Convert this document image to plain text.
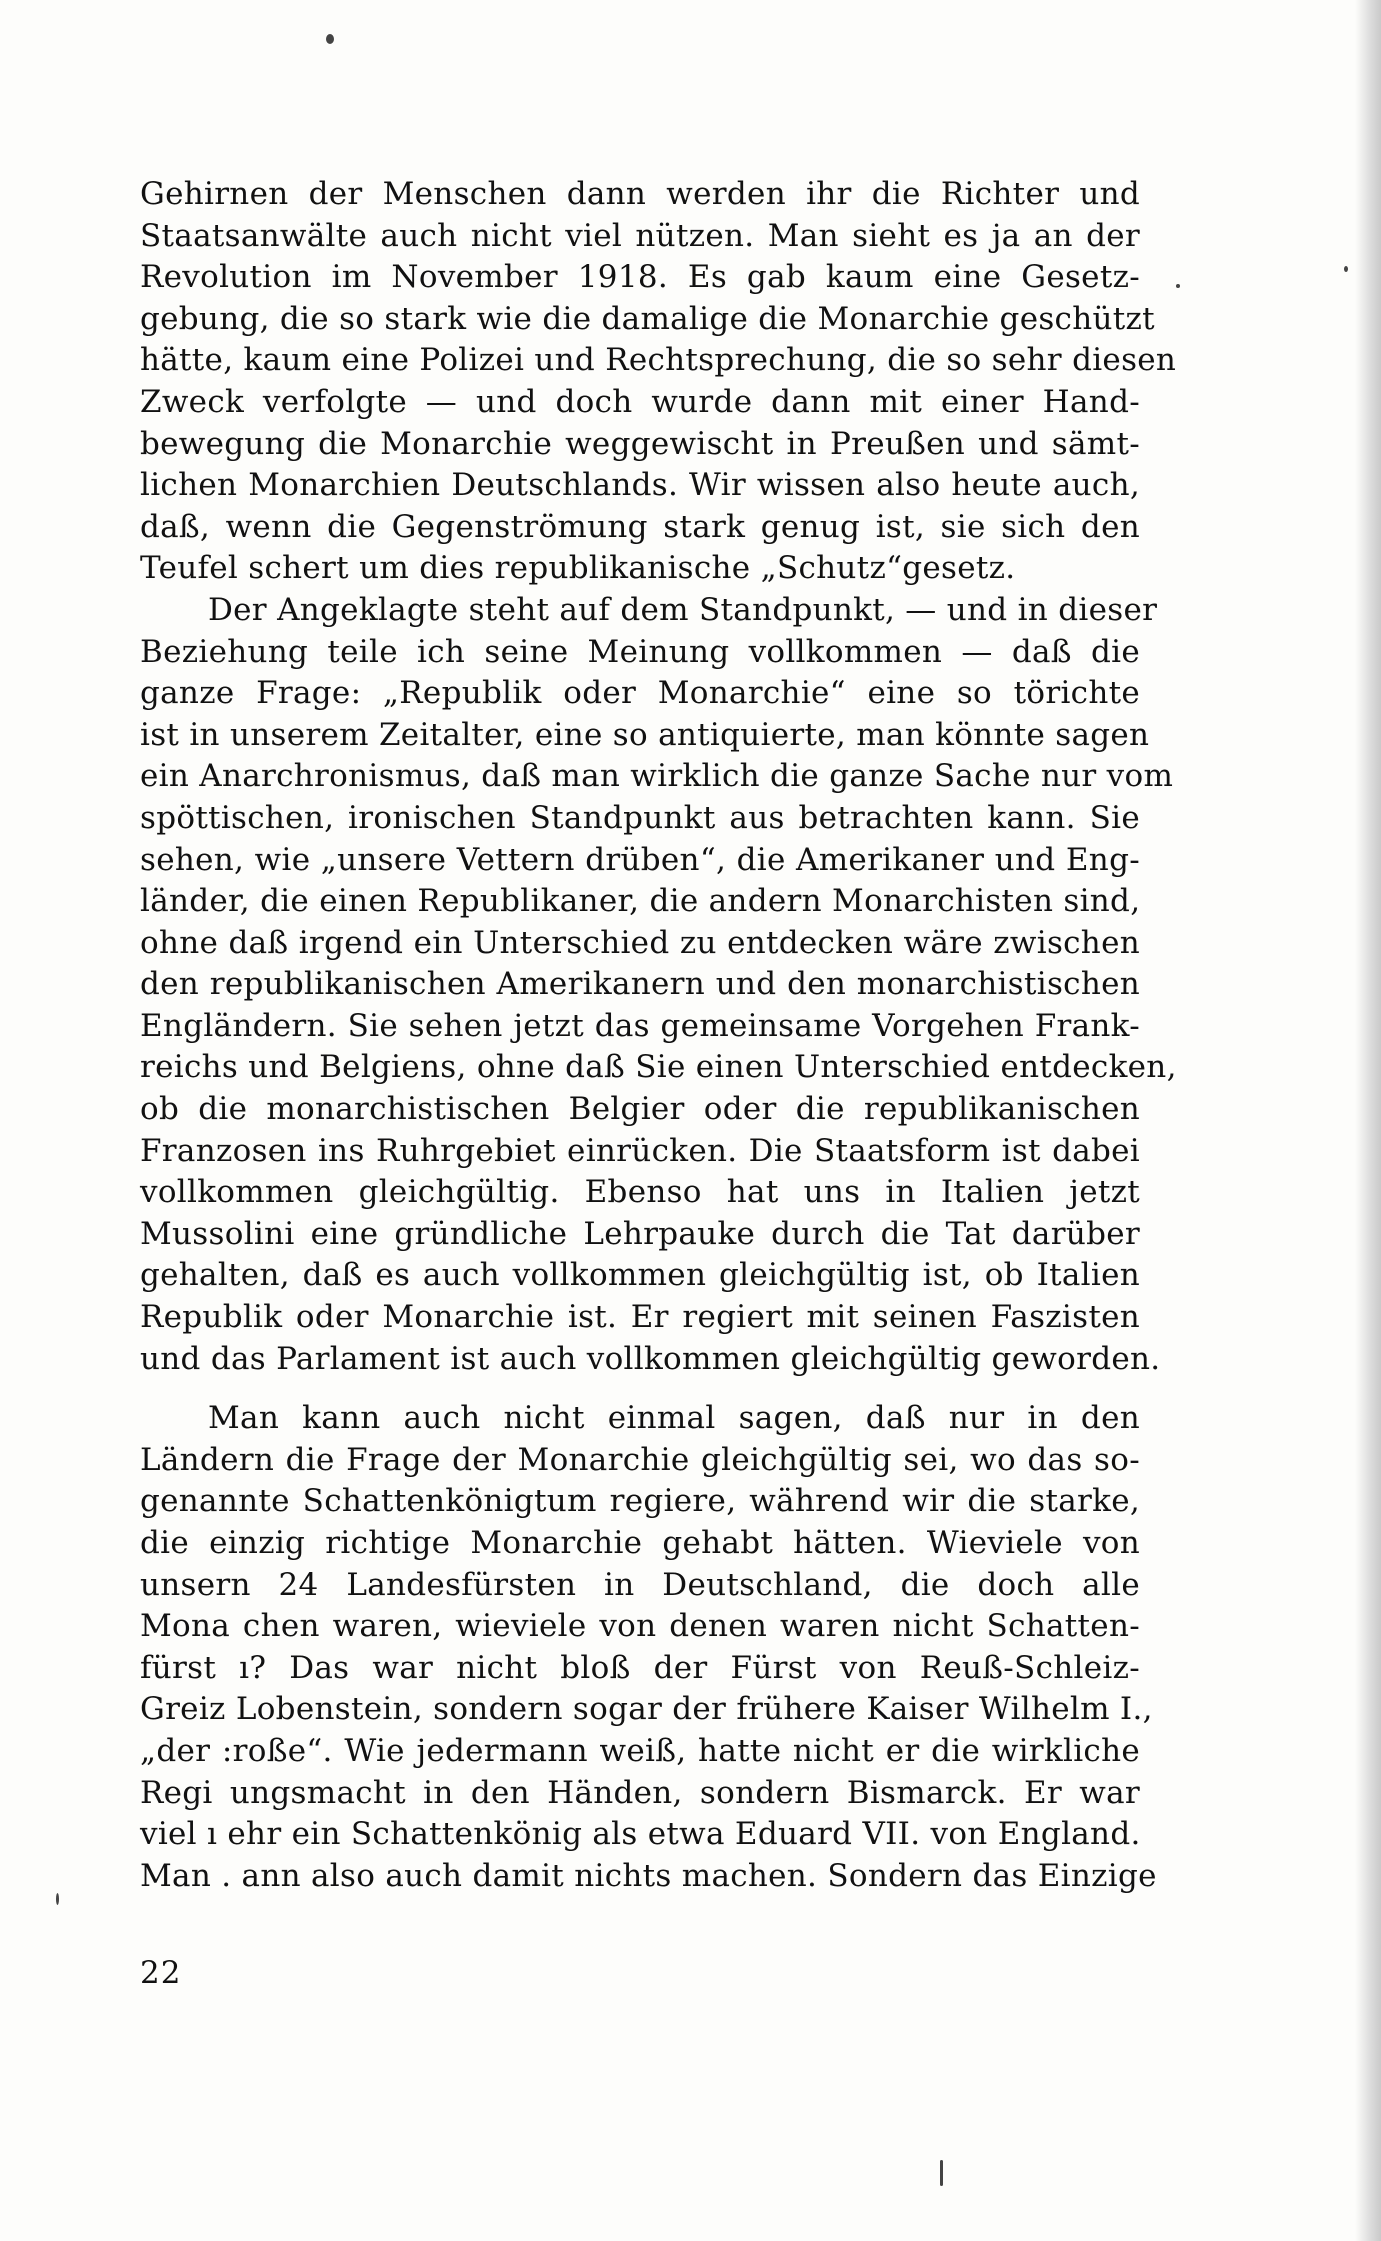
Gehirnen der Menschen dann werden ihr die Richter und
Staatsanwälte auch nicht viel nützen. Man sieht es ja an der
Revolution im November 1918. Es gab kaum eine Gesetz-
gebung, die so stark wie die damalige die Monarchie geschützt
hätte, kaum eine Polizei und Rechtsprechung, die so sehr diesen
Zweck verfolgte — und doch wurde dann mit einer Hand-
bewegung die Monarchie weggewischt in Preußen und sämt-
lichen Monarchien Deutschlands. Wir wissen also heute auch,
daß, wenn die Gegenströmung stark genug ist, sie sich den
Teufel schert um dies republikanische „Schutz“gesetz.
Der Angeklagte steht auf dem Standpunkt, — und in dieser
Beziehung teile ich seine Meinung vollkommen — daß die
ganze Frage: „Republik oder Monarchie“ eine so törichte
ist in unserem Zeitalter, eine so antiquierte, man könnte sagen
ein Anarchronismus, daß man wirklich die ganze Sache nur vom
spöttischen, ironischen Standpunkt aus betrachten kann. Sie
sehen, wie „unsere Vettern drüben“, die Amerikaner und Eng-
länder, die einen Republikaner, die andern Monarchisten sind,
ohne daß irgend ein Unterschied zu entdecken wäre zwischen
den republikanischen Amerikanern und den monarchistischen
Engländern. Sie sehen jetzt das gemeinsame Vorgehen Frank-
reichs und Belgiens, ohne daß Sie einen Unterschied entdecken,
ob die monarchistischen Belgier oder die republikanischen
Franzosen ins Ruhrgebiet einrücken. Die Staatsform ist dabei
vollkommen gleichgültig. Ebenso hat uns in Italien jetzt
Mussolini eine gründliche Lehrpauke durch die Tat darüber
gehalten, daß es auch vollkommen gleichgültig ist, ob Italien
Republik oder Monarchie ist. Er regiert mit seinen Faszisten
und das Parlament ist auch vollkommen gleichgültig geworden.
Man kann auch nicht einmal sagen, daß nur in den
Ländern die Frage der Monarchie gleichgültig sei, wo das so-
genannte Schattenkönigtum regiere, während wir die starke,
die einzig richtige Monarchie gehabt hätten. Wieviele von
unsern 24 Landesfürsten in Deutschland, die doch alle
Mona chen waren, wieviele von denen waren nicht Schatten-
fürst ı? Das war nicht bloß der Fürst von Reuß-Schleiz-
Greiz Lobenstein, sondern sogar der frühere Kaiser Wilhelm I.,
„der :roße“. Wie jedermann weiß, hatte nicht er die wirkliche
Regi ungsmacht in den Händen, sondern Bismarck. Er war
viel ı ehr ein Schattenkönig als etwa Eduard VII. von England.
Man . ann also auch damit nichts machen. Sondern das Einzige
22
